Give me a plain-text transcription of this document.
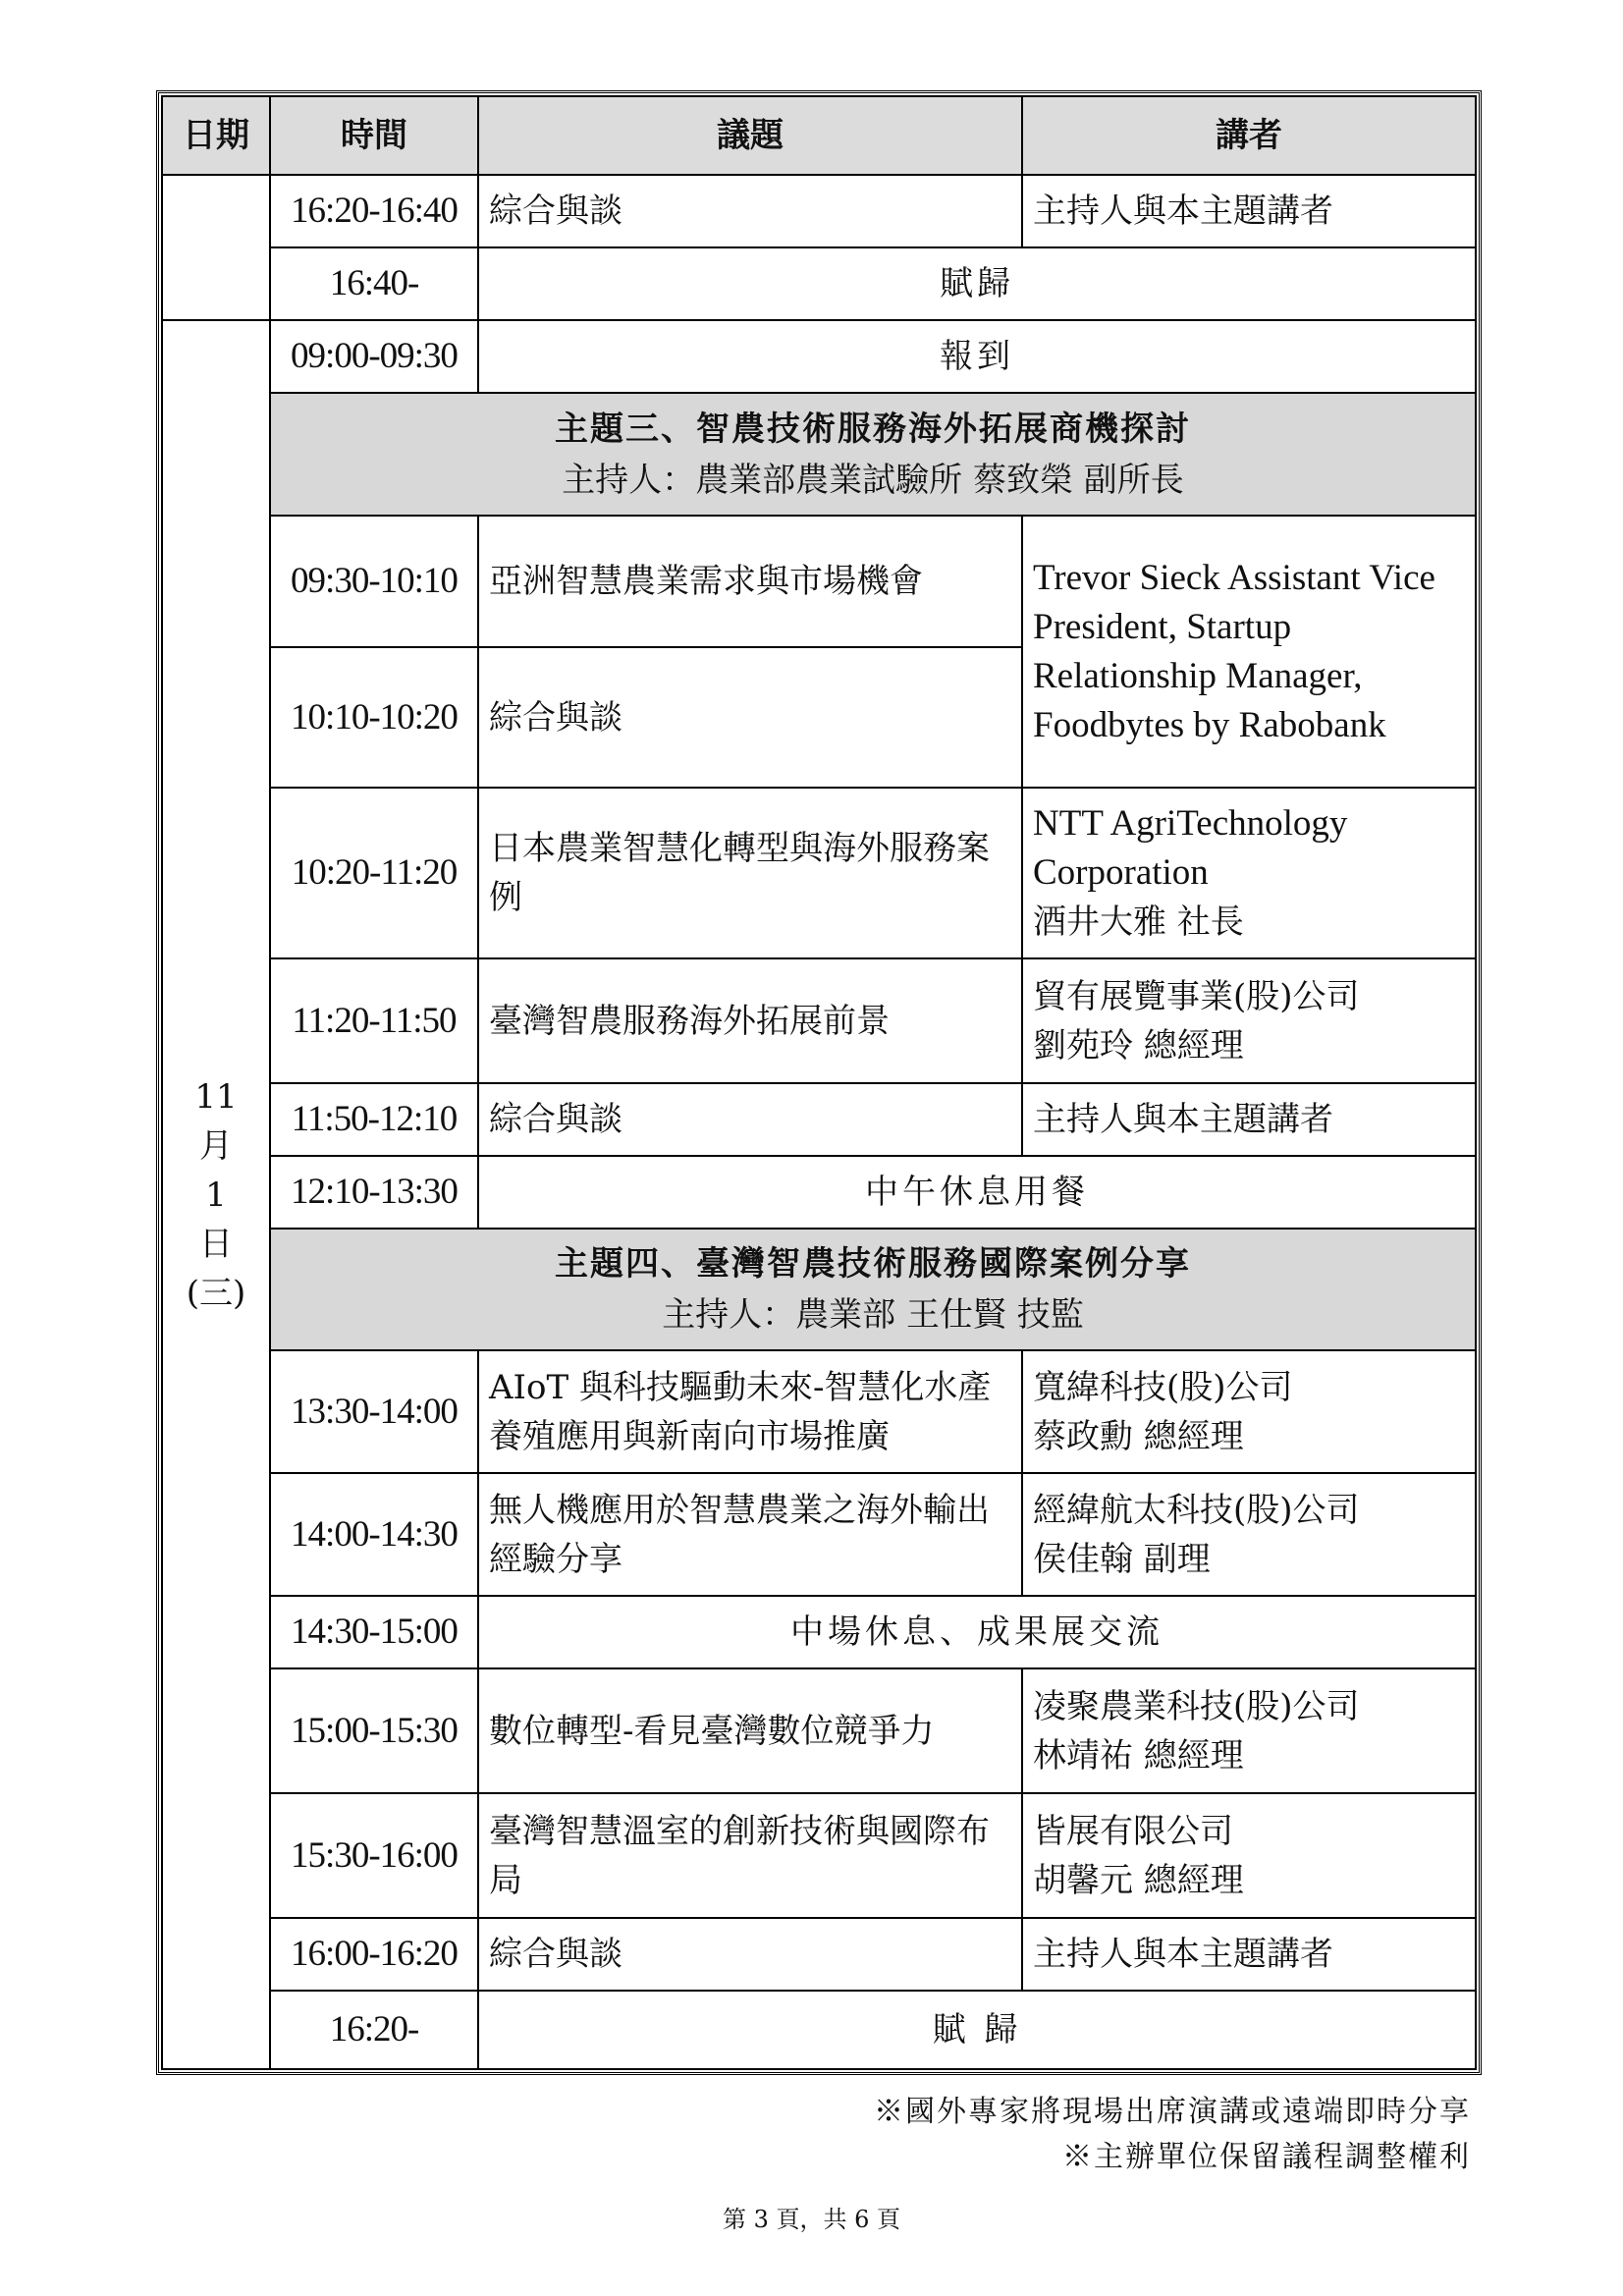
日期	時間	議題	講者
	16:20-16:40	綜合與談	主持人與本主題講者
	16:40-	賦歸	

11
月
1
日
(三)	09:00-09:30	報到	

	主題三、智農技術服務海外拓展商機探討
主持人：農業部農業試驗所 蔡致榮 副所長		

	09:30-10:10	亞洲智慧農業需求與市場機會	Trevor Sieck Assistant Vice President, Startup Relationship Manager, Foodbytes by Rabobank
	10:10-10:20	綜合與談	
	10:20-11:20	日本農業智慧化轉型與海外服務案例	NTT AgriTechnology Corporation
酒井大雅 社長

	11:20-11:50	臺灣智農服務海外拓展前景	貿有展覽事業(股)公司
劉苑玲 總經理

	11:50-12:10	綜合與談	主持人與本主題講者
	12:10-13:30	中午休息用餐	

	主題四、臺灣智農技術服務國際案例分享
主持人：農業部 王仕賢 技監		

	13:30-14:00	AIoT 與科技驅動未來-智慧化水產養殖應用與新南向市場推廣	寬緯科技(股)公司
蔡政勳 總經理

	14:00-14:30	無人機應用於智慧農業之海外輸出經驗分享	經緯航太科技(股)公司
侯佳翰 副理

	14:30-15:00	中場休息、成果展交流	
	15:00-15:30	數位轉型-看見臺灣數位競爭力	凌聚農業科技(股)公司
林靖祐 總經理

	15:30-16:00	臺灣智慧溫室的創新技術與國際布局	皆展有限公司
胡馨元 總經理

	16:00-16:20	綜合與談	主持人與本主題講者
	16:20-	賦 歸	
※國外專家將現場出席演講或遠端即時分享
※主辦單位保留議程調整權利
第 3 頁，共 6 頁
